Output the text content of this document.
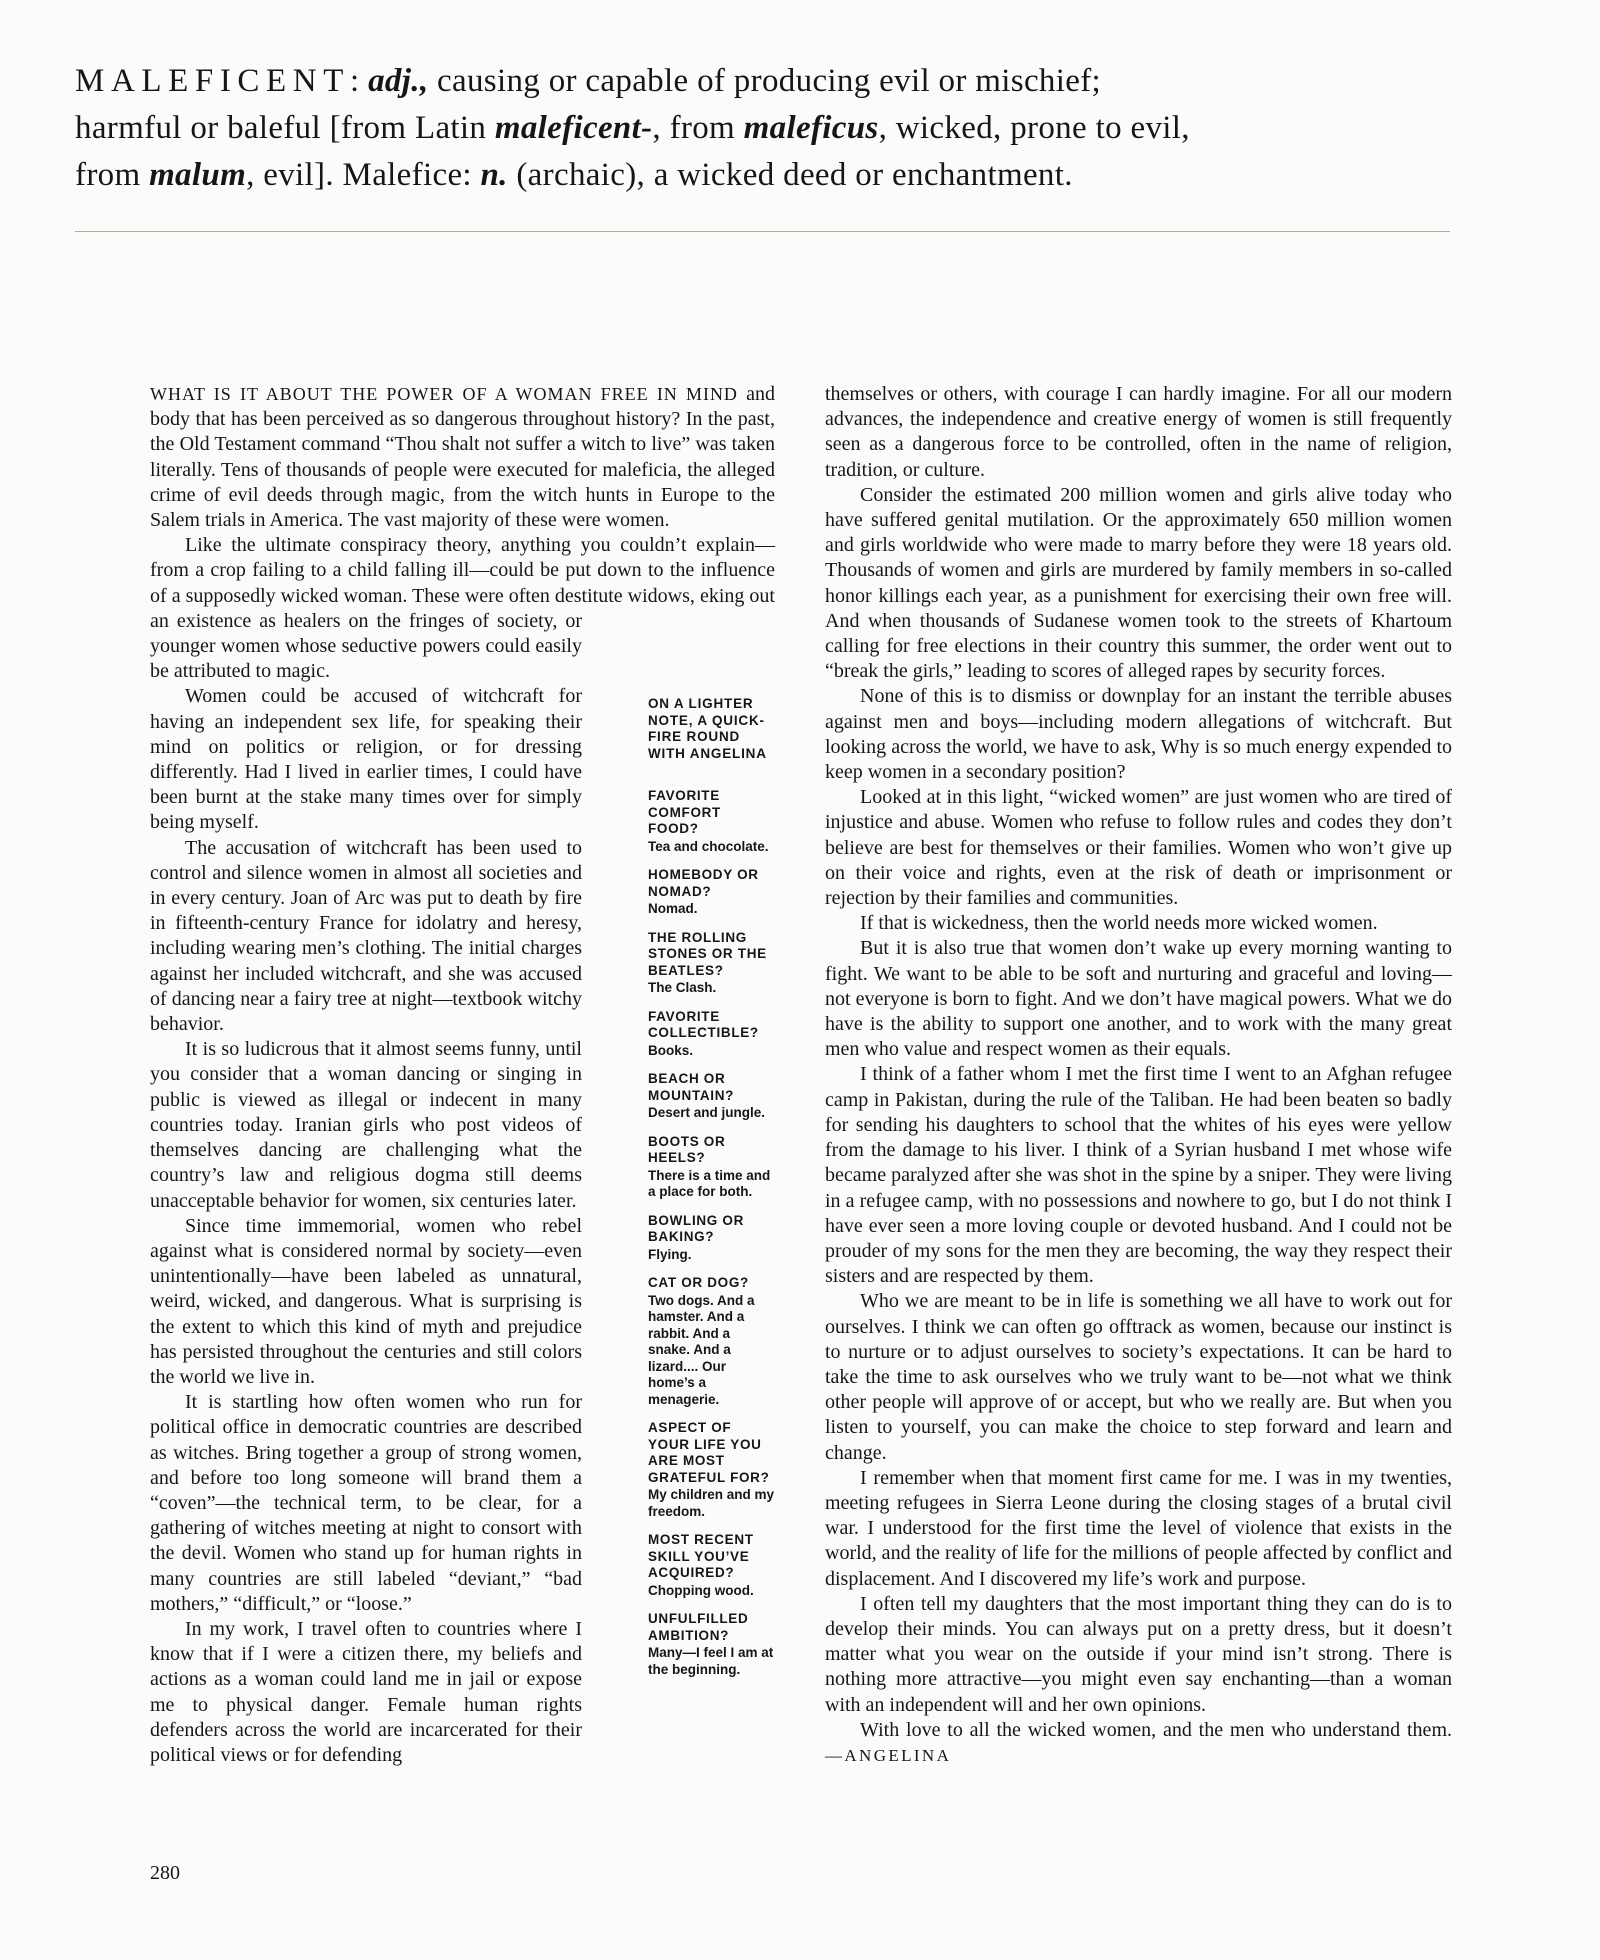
MALEFICENT: adj., causing or capable of producing evil or mischief;
harmful or baleful [from Latin maleficent-, from maleficus, wicked, prone to evil,
from malum, evil]. Malefice: n. (archaic), a wicked deed or enchantment.
ON A LIGHTER NOTE, A QUICK-FIRE ROUND WITH ANGELINA
FAVORITE COMFORT FOOD?
Tea and chocolate.
HOMEBODY OR NOMAD?
Nomad.
THE ROLLING STONES OR THE BEATLES?
The Clash.
FAVORITE COLLECTIBLE?
Books.
BEACH OR MOUNTAIN?
Desert and jungle.
BOOTS OR HEELS?
There is a time and a place for both.
BOWLING OR BAKING?
Flying.
CAT OR DOG?
Two dogs. And a hamster. And a rabbit. And a snake. And a lizard.... Our home’s a menagerie.
ASPECT OF YOUR LIFE YOU ARE MOST GRATEFUL FOR?
My children and my freedom.
MOST RECENT SKILL YOU’VE ACQUIRED?
Chopping wood.
UNFULFILLED AMBITION?
Many—I feel I am at the beginning.

WHAT IS IT ABOUT THE POWER OF A WOMAN FREE IN MIND and body that has been perceived as so dangerous throughout history? In the past, the Old Testament command “Thou shalt not suffer a witch to live” was taken literally. Tens of thousands of people were executed for maleficia, the alleged crime of evil deeds through magic, from the witch hunts in Europe to the Salem trials in America. The vast majority of these were women.

Like the ultimate conspiracy theory, anything you couldn’t explain—from a crop failing to a child falling ill—could be put down to the influence of a supposedly wicked woman. These were often destitute widows, eking out an existence as healers on the fringes of society, or younger women whose seductive powers could easily be attributed to magic.

Women could be accused of witchcraft for having an independent sex life, for speaking their mind on politics or religion, or for dressing differently. Had I lived in earlier times, I could have been burnt at the stake many times over for simply being myself.

The accusation of witchcraft has been used to control and silence women in almost all societies and in every century. Joan of Arc was put to death by fire in fifteenth-century France for idolatry and heresy, including wearing men’s clothing. The initial charges against her included witchcraft, and she was accused of dancing near a fairy tree at night—textbook witchy behavior.

It is so ludicrous that it almost seems funny, until you consider that a woman dancing or singing in public is viewed as illegal or indecent in many countries today. Iranian girls who post videos of themselves dancing are challenging what the country’s law and religious dogma still deems unacceptable behavior for women, six centuries later.

Since time immemorial, women who rebel against what is considered normal by society—even unintentionally—have been labeled as unnatural, weird, wicked, and dangerous. What is surprising is the extent to which this kind of myth and prejudice has persisted throughout the centuries and still colors the world we live in.

It is startling how often women who run for political office in democratic countries are described as witches. Bring together a group of strong women, and before too long someone will brand them a “coven”—the technical term, to be clear, for a gathering of witches meeting at night to consort with the devil. Women who stand up for human rights in many countries are still labeled “deviant,” “bad mothers,” “difficult,” or “loose.”

In my work, I travel often to countries where I know that if I were a citizen there, my beliefs and actions as a woman could land me in jail or expose me to physical danger. Female human rights defenders across the world are incarcerated for their political views or for defending

themselves or others, with courage I can hardly imagine. For all our modern advances, the independence and creative energy of women is still frequently seen as a dangerous force to be controlled, often in the name of religion, tradition, or culture.

Consider the estimated 200 million women and girls alive today who have suffered genital mutilation. Or the approximately 650 million women and girls worldwide who were made to marry before they were 18 years old. Thousands of women and girls are murdered by family members in so-called honor killings each year, as a punishment for exercising their own free will. And when thousands of Sudanese women took to the streets of Khartoum calling for free elections in their country this summer, the order went out to “break the girls,” leading to scores of alleged rapes by security forces.

None of this is to dismiss or downplay for an instant the terrible abuses against men and boys—including modern allegations of witchcraft. But looking across the world, we have to ask, Why is so much energy expended to keep women in a secondary position?

Looked at in this light, “wicked women” are just women who are tired of injustice and abuse. Women who refuse to follow rules and codes they don’t believe are best for themselves or their families. Women who won’t give up on their voice and rights, even at the risk of death or imprisonment or rejection by their families and communities.

If that is wickedness, then the world needs more wicked women.

But it is also true that women don’t wake up every morning wanting to fight. We want to be able to be soft and nurturing and graceful and loving—not everyone is born to fight. And we don’t have magical powers. What we do have is the ability to support one another, and to work with the many great men who value and respect women as their equals.

I think of a father whom I met the first time I went to an Afghan refugee camp in Pakistan, during the rule of the Taliban. He had been beaten so badly for sending his daughters to school that the whites of his eyes were yellow from the damage to his liver. I think of a Syrian husband I met whose wife became paralyzed after she was shot in the spine by a sniper. They were living in a refugee camp, with no possessions and nowhere to go, but I do not think I have ever seen a more loving couple or devoted husband. And I could not be prouder of my sons for the men they are becoming, the way they respect their sisters and are respected by them.

Who we are meant to be in life is something we all have to work out for ourselves. I think we can often go offtrack as women, because our instinct is to nurture or to adjust ourselves to society’s expectations. It can be hard to take the time to ask ourselves who we truly want to be—not what we think other people will approve of or accept, but who we really are. But when you listen to yourself, you can make the choice to step forward and learn and change.

I remember when that moment first came for me. I was in my twenties, meeting refugees in Sierra Leone during the closing stages of a brutal civil war. I understood for the first time the level of violence that exists in the world, and the reality of life for the millions of people affected by conflict and displacement. And I discovered my life’s work and purpose.

I often tell my daughters that the most important thing they can do is to develop their minds. You can always put on a pretty dress, but it doesn’t matter what you wear on the outside if your mind isn’t strong. There is nothing more attractive—you might even say enchanting—than a woman with an independent will and her own opinions.

With love to all the wicked women, and the men who understand them. —ANGELINA

280
